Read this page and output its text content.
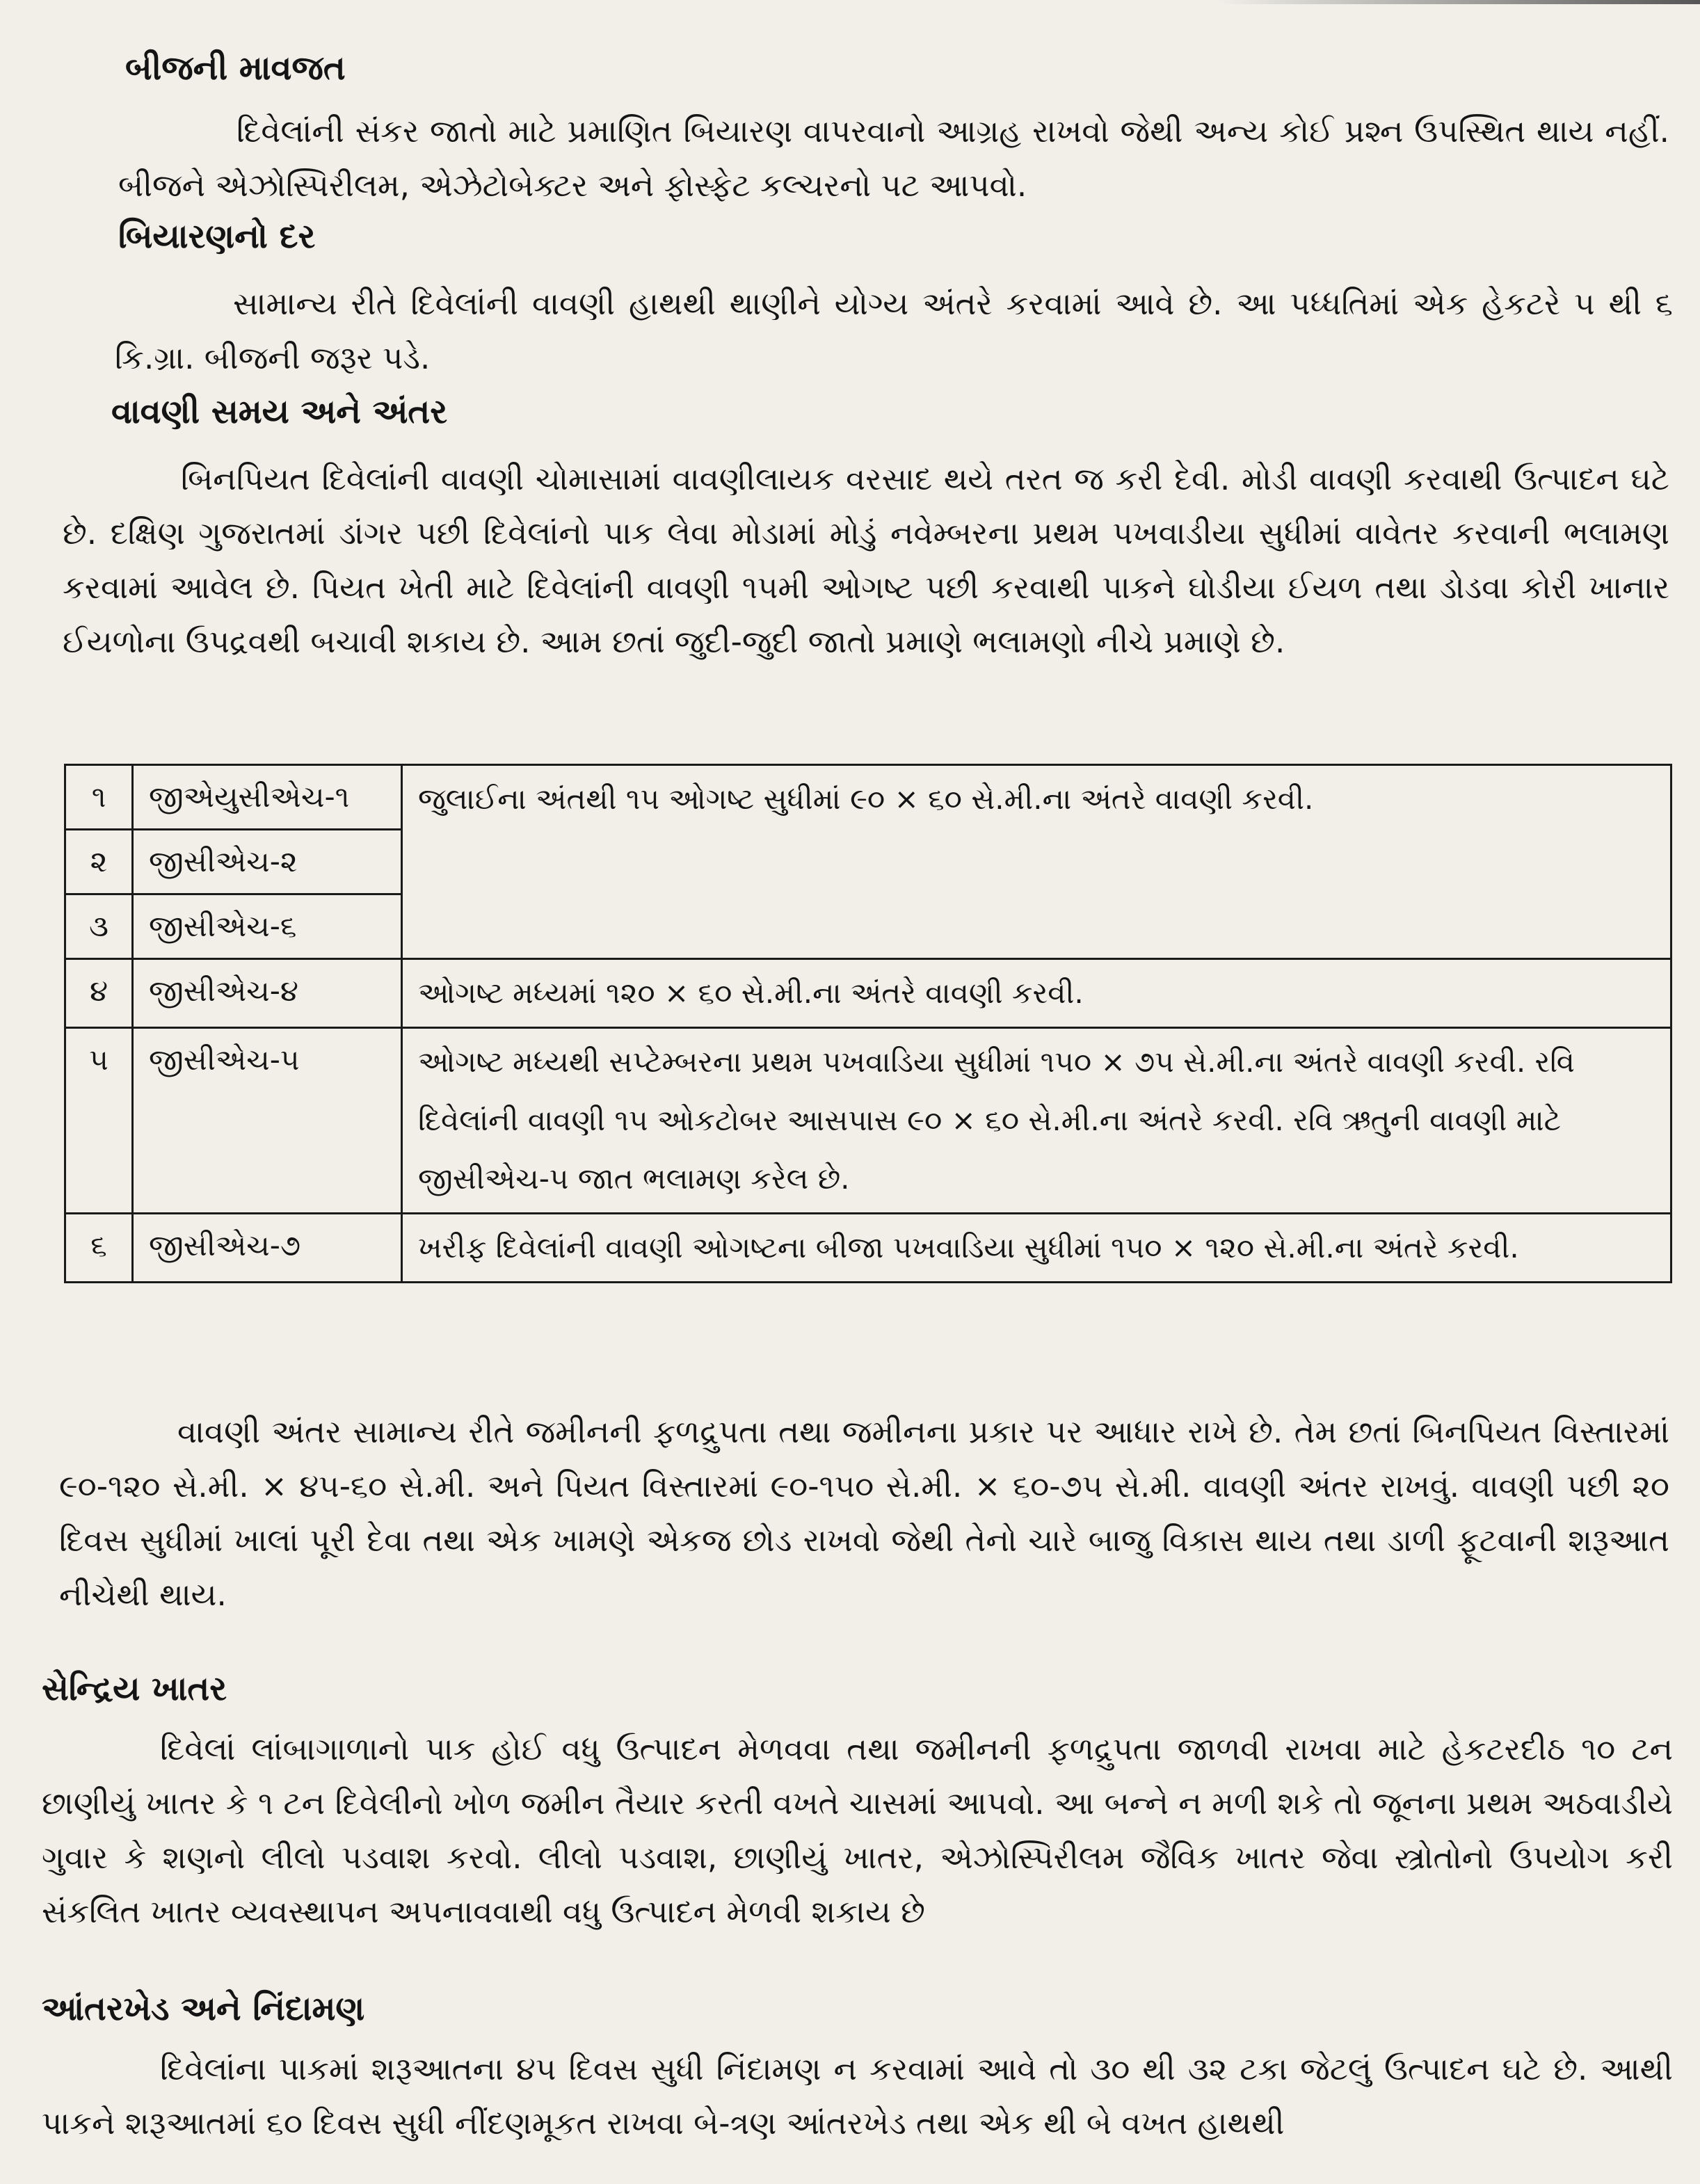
બીજની માવજત

દિવેલાંની સંકર જાતો માટે પ્રમાણિત બિયારણ વાપરવાનો આગ્રહ રાખવો જેથી અન્ય કોઈ પ્રશ્ન ઉપસ્થિત થાય નહીં. બીજને એઝોસ્પિરીલમ, એઝેટોબેક્ટર અને ફોસ્ફેટ કલ્ચરનો પટ આપવો.

બિયારણનો દર

સામાન્ય રીતે દિવેલાંની વાવણી હાથથી થાણીને યોગ્ય અંતરે કરવામાં આવે છે. આ પધ્ધતિમાં એક હેકટરે ૫ થી ૬ કિ.ગ્રા. બીજની જરૂર પડે.

વાવણી સમય અને અંતર

બિનપિયત દિવેલાંની વાવણી ચોમાસામાં વાવણીલાયક વરસાદ થયે તરત જ કરી દેવી. મોડી વાવણી કરવાથી ઉત્પાદન ઘટે છે. દક્ષિણ ગુજરાતમાં ડાંગર પછી દિવેલાંનો પાક લેવા મોડામાં મોડું નવેમ્બરના પ્રથમ પખવાડીયા સુધીમાં વાવેતર કરવાની ભલામણ કરવામાં આવેલ છે. પિયત ખેતી માટે દિવેલાંની વાવણી ૧૫મી ઓગષ્ટ પછી કરવાથી પાકને ઘોડીયા ઈયળ તથા ડોડવા કોરી ખાનાર ઈયળોના ઉપદ્રવથી બચાવી શકાય છે. આમ છતાં જુદી-જુદી જાતો પ્રમાણે ભલામણો નીચે પ્રમાણે છે.

૧	જીએયુસીએચ-૧	જુલાઈના અંતથી ૧૫ ઓગષ્ટ સુધીમાં ૯૦ × ૬૦ સે.મી.ના અંતરે વાવણી કરવી.
૨	જીસીએચ-૨	
૩	જીસીએચ-૬	
૪	જીસીએચ-૪	ઓગષ્ટ મધ્યમાં ૧૨૦ × ૬૦ સે.મી.ના અંતરે વાવણી કરવી.
૫	જીસીએચ-૫	ઓગષ્ટ મધ્યથી સપ્ટેમ્બરના પ્રથમ પખવાડિયા સુધીમાં ૧૫૦ × ૭૫ સે.મી.ના અંતરે વાવણી કરવી. રવિ દિવેલાંની વાવણી ૧૫ ઓકટોબર આસપાસ ૯૦ × ૬૦ સે.મી.ના અંતરે કરવી. રવિ ઋતુની વાવણી માટે જીસીએચ-૫ જાત ભલામણ કરેલ છે.
૬	જીસીએચ-૭	ખરીફ દિવેલાંની વાવણી ઓગષ્ટના બીજા પખવાડિયા સુધીમાં ૧૫૦ × ૧૨૦ સે.મી.ના અંતરે કરવી.

વાવણી અંતર સામાન્ય રીતે જમીનની ફળદ્રુપતા તથા જમીનના પ્રકાર પર આધાર રાખે છે. તેમ છતાં બિનપિયત વિસ્તારમાં ૯૦-૧૨૦ સે.મી. × ૪૫-૬૦ સે.મી. અને પિયત વિસ્તારમાં ૯૦-૧૫૦ સે.મી. × ૬૦-૭૫ સે.મી. વાવણી અંતર રાખવું. વાવણી પછી ૨૦ દિવસ સુધીમાં ખાલાં પૂરી દેવા તથા એક ખામણે એકજ છોડ રાખવો જેથી તેનો ચારે બાજુ વિકાસ થાય તથા ડાળી ફૂટવાની શરૂઆત નીચેથી થાય.

સેન્દ્રિય ખાતર

દિવેલાં લાંબાગાળાનો પાક હોઈ વધુ ઉત્પાદન મેળવવા તથા જમીનની ફળદ્રુપતા જાળવી રાખવા માટે હેકટરદીઠ ૧૦ ટન છાણીયું ખાતર કે ૧ ટન દિવેલીનો ખોળ જમીન તૈયાર કરતી વખતે ચાસમાં આપવો. આ બન્ને ન મળી શકે તો જૂનના પ્રથમ અઠવાડીયે ગુવાર કે શણનો લીલો પડવાશ કરવો. લીલો પડવાશ, છાણીયું ખાતર, એઝોસ્પિરીલમ જૈવિક ખાતર જેવા સ્ત્રોતોનો ઉપયોગ કરી સંકલિત ખાતર વ્યવસ્થાપન અપનાવવાથી વધુ ઉત્પાદન મેળવી શકાય છે

આંતરખેડ અને નિંદામણ

દિવેલાંના પાકમાં શરૂઆતના ૪૫ દિવસ સુધી નિંદામણ ન કરવામાં આવે તો ૩૦ થી ૩૨ ટકા જેટલું ઉત્પાદન ઘટે છે. આથી પાકને શરૂઆતમાં ૬૦ દિવસ સુધી નીંદણમૂકત રાખવા બે-ત્રણ આંતરખેડ તથા એક થી બે વખત હાથથી
